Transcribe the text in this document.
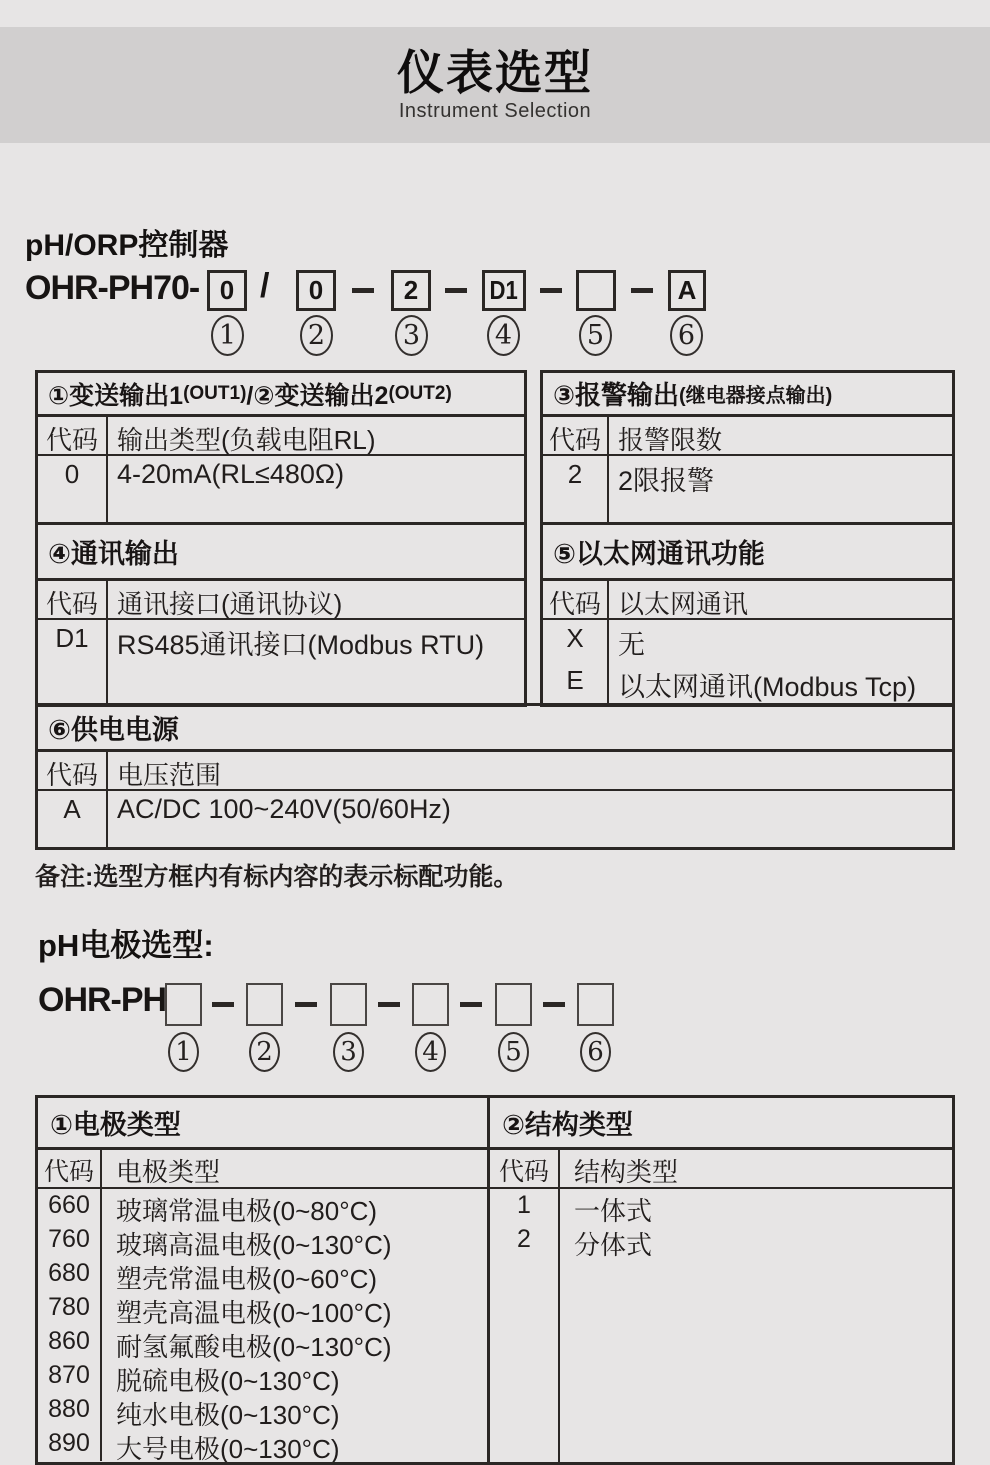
仪表选型
Instrument Selection
pH/ORP控制器
OHR-PH70- 0 / 0	2	D1	A
1	2	3	4	5	6
①变送输出1 (OUT1) /②变送输出2 (OUT2)
代码 输出类型(负载电阻RL)
0	4-20mA(RL≤480Ω)
③报警输出 (继电器接点输出)
代码 报警限数
2	2限报警
④通讯输出
代码 通讯接口(通讯协议)
D1	RS485通讯接口(Modbus RTU)
⑤以太网通讯功能
代码 以太网通讯
X	无
E	以太网通讯(Modbus Tcp)
⑥供电电源
代码 电压范围
A	AC/DC 100~240V(50/60Hz)
备注:选型方框内有标内容的表示标配功能。
pH电极选型:
OHR-PH
1 2	3	4	5	6
①电极类型
代码 电极类型
660	玻璃常温电极(0~80°C)
760	玻璃高温电极(0~130°C)
680	塑壳常温电极(0~60°C)
780	塑壳高温电极(0~100°C)
860	耐氢氟酸电极(0~130°C)
870	脱硫电极(0~130°C)
880	纯水电极(0~130°C)
890	大号电极(0~130°C)
②结构类型
代码 结构类型
1	一体式
2	分体式
